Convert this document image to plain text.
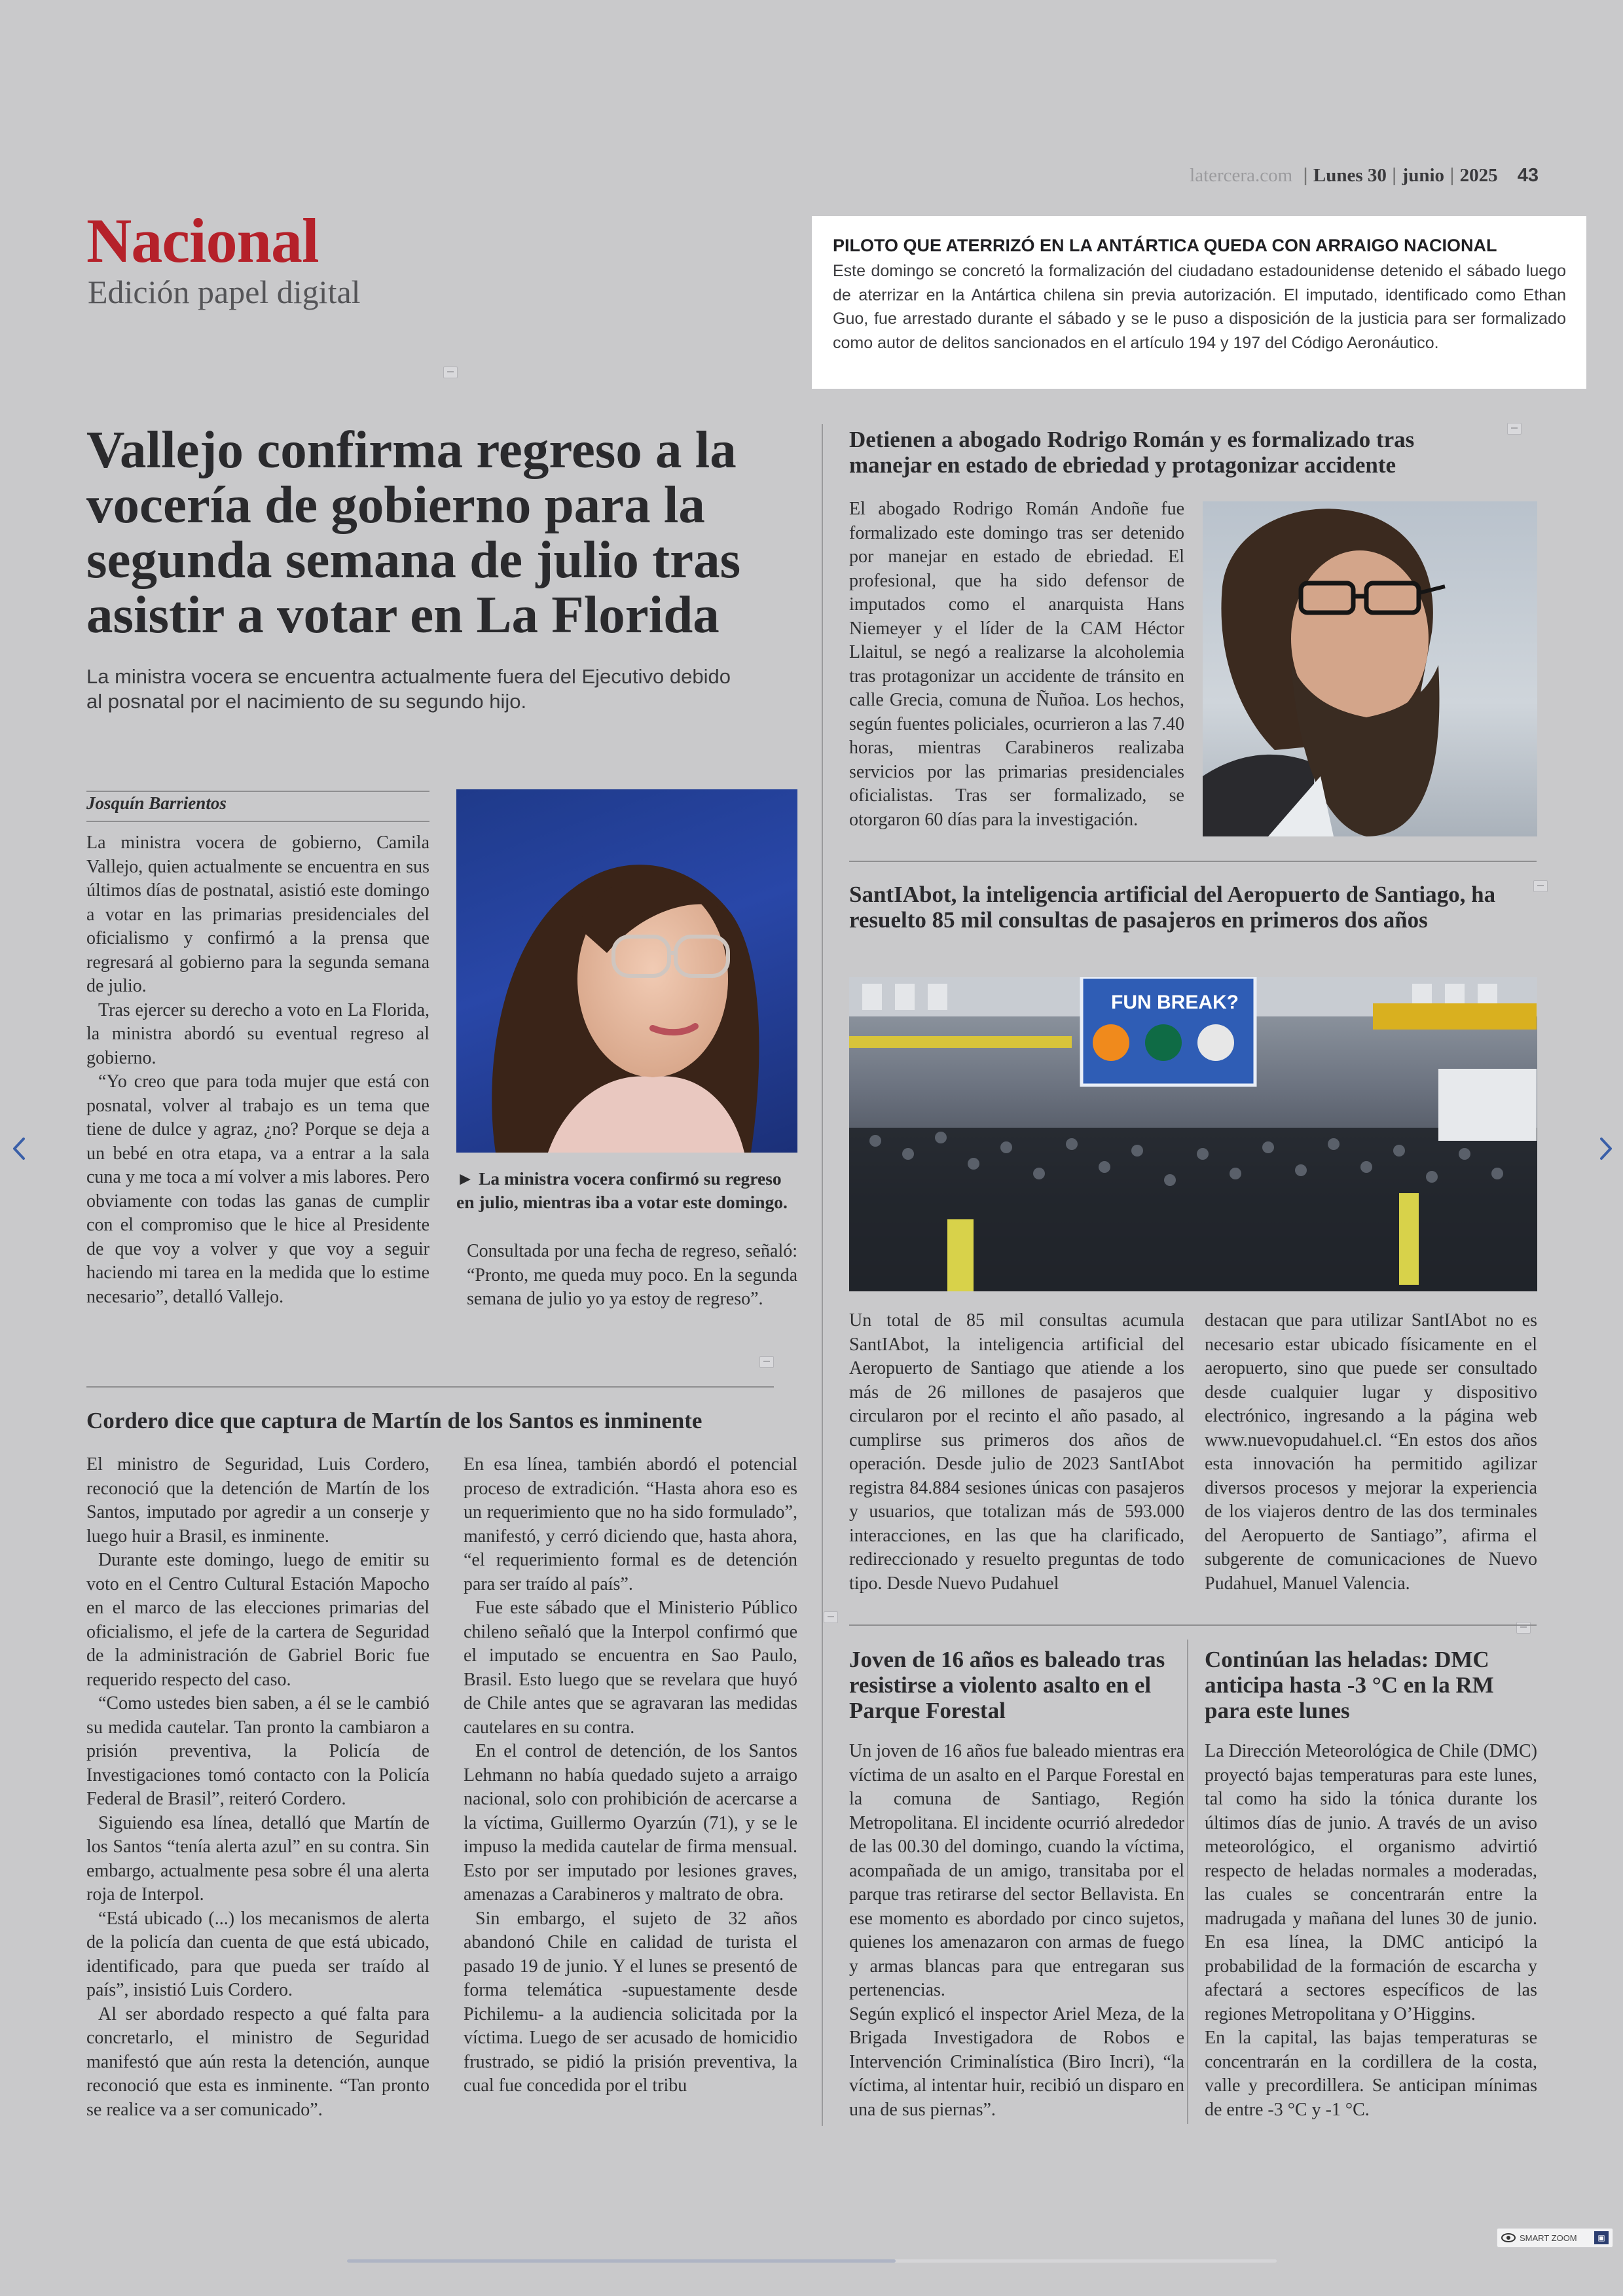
latercera.com  | Lunes 30 | junio | 2025 43
Nacional
Edición papel digital
PILOTO QUE ATERRIZÓ EN LA ANTÁRTICA QUEDA CON ARRAIGO NACIONAL
Este domingo se concretó la formalización del ciudadano estadounidense detenido el sábado luego de aterrizar en la Antártica chilena sin previa autorización. El imputado, identificado como Ethan Guo, fue arrestado durante el sábado y se le puso a disposición de la justicia para ser formalizado como autor de delitos sancionados en el artículo 194 y 197 del Código Aeronáutico.
Vallejo confirma regreso a la vocería de gobierno para la segunda semana de julio tras asistir a votar en La Florida
La ministra vocera se encuentra actualmente fuera del Ejecutivo debido al posnatal por el nacimiento de su segundo hijo.
Josquín Barrientos

La ministra vocera de gobierno, Camila Vallejo, quien actualmente se encuentra en sus últimos días de postnatal, asistió este domingo a votar en las primarias presidenciales del oficialismo y confirmó a la prensa que regresará al gobierno para la segunda semana de julio.

Tras ejercer su derecho a voto en La Florida, la ministra abordó su eventual regreso al gobierno.

“Yo creo que para toda mujer que está con posnatal, volver al trabajo es un tema que tiene de dulce y agraz, ¿no? Porque se deja a un bebé en otra etapa, va a entrar a la sala cuna y me toca a mí volver a mis labores. Pero obviamente con todas las ganas de cumplir con el compromiso que le hice al Presidente de que voy a volver y que voy a seguir haciendo mi tarea en la medida que lo estime necesario”, detalló Vallejo.

► La ministra vocera confirmó su regreso en julio, mientras iba a votar este domingo.

Consultada por una fecha de regreso, señaló: “Pronto, me queda muy poco. En la segunda semana de julio yo ya estoy de regreso”.

Cordero dice que captura de Martín de los Santos es inminente

El ministro de Seguridad, Luis Cordero, reconoció que la detención de Martín de los Santos, imputado por agredir a un conserje y luego huir a Brasil, es inminente.

Durante este domingo, luego de emitir su voto en el Centro Cultural Estación Mapocho en el marco de las elecciones primarias del oficialismo, el jefe de la cartera de Seguridad de la administración de Gabriel Boric fue requerido respecto del caso.

“Como ustedes bien saben, a él se le cambió su medida cautelar. Tan pronto la cambiaron a prisión preventiva, la Policía de Investigaciones tomó contacto con la Policía Federal de Brasil”, reiteró Cordero.

Siguiendo esa línea, detalló que Martín de los Santos “tenía alerta azul” en su contra. Sin embargo, actualmente pesa sobre él una alerta roja de Interpol.

“Está ubicado (...) los mecanismos de alerta de la policía dan cuenta de que está ubicado, identificado, para que pueda ser traído al país”, insistió Luis Cordero.

Al ser abordado respecto a qué falta para concretarlo, el ministro de Seguridad manifestó que aún resta la detención, aunque reconoció que esta es inminente. “Tan pronto se realice va a ser comunicado”.

En esa línea, también abordó el potencial proceso de extradición. “Hasta ahora eso es un requerimiento que no ha sido formulado”, manifestó, y cerró diciendo que, hasta ahora, “el requerimiento formal es de detención para ser traído al país”.

Fue este sábado que el Ministerio Público chileno señaló que la Interpol confirmó que el imputado se encuentra en Sao Paulo, Brasil. Esto luego que se revelara que huyó de Chile antes que se agravaran las medidas cautelares en su contra.

En el control de detención, de los Santos Lehmann no había quedado sujeto a arraigo nacional, solo con prohibición de acercarse a la víctima, Guillermo Oyarzún (71), y se le impuso la medida cautelar de firma mensual. Esto por ser imputado por lesiones graves, amenazas a Carabineros y maltrato de obra.

Sin embargo, el sujeto de 32 años abandonó Chile en calidad de turista el pasado 19 de junio. Y el lunes se presentó de forma telemática -supuestamente desde Pichilemu- a la audiencia solicitada por la víctima. Luego de ser acusado de homicidio frustrado, se pidió la prisión preventiva, la cual fue concedida por el tribu

Detienen a abogado Rodrigo Román y es formalizado tras manejar en estado de ebriedad y protagonizar accidente
El abogado Rodrigo Román Andoñe fue formalizado este domingo tras ser detenido por manejar en estado de ebriedad. El profesional, que ha sido defensor de imputados como el anarquista Hans Niemeyer y el líder de la CAM Héctor Llaitul, se negó a realizarse la alcoholemia tras protagonizar un accidente de tránsito en calle Grecia, comuna de Ñuñoa. Los hechos, según fuentes policiales, ocurrieron a las 7.40 horas, mientras Carabineros realizaba servicios por las primarias presidenciales oficialistas. Tras ser formalizado, se otorgaron 60 días para la investigación.
SantIAbot, la inteligencia artificial del Aeropuerto de Santiago, ha resuelto 85 mil consultas de pasajeros en primeros dos años
FUN BREAK?
Un total de 85 mil consultas acumula SantIAbot, la inteligencia artificial del Aeropuerto de Santiago que atiende a los más de 26 millones de pasajeros que circularon por el recinto el año pasado, al cumplirse sus primeros dos años de operación. Desde julio de 2023 SantIAbot registra 84.884 sesiones únicas con pasajeros y usuarios, que totalizan más de 593.000 interacciones, en las que ha clarificado, redireccionado y resuelto preguntas de todo tipo. Desde Nuevo Pudahuel
destacan que para utilizar SantIAbot no es necesario estar ubicado físicamente en el aeropuerto, sino que puede ser consultado desde cualquier lugar y dispositivo electrónico, ingresando a la página web www.nuevopudahuel.cl. “En estos dos años esta innovación ha permitido agilizar diversos procesos y mejorar la experiencia de los viajeros dentro de las dos terminales del Aeropuerto de Santiago”, afirma el subgerente de comunicaciones de Nuevo Pudahuel, Manuel Valencia.
Joven de 16 años es baleado tras resistirse a violento asalto en el Parque Forestal

Un joven de 16 años fue baleado mientras era víctima de un asalto en el Parque Forestal en la comuna de Santiago, Región Metropolitana. El incidente ocurrió alrededor de las 00.30 del domingo, cuando la víctima, acompañada de un amigo, transitaba por el parque tras retirarse del sector Bellavista. En ese momento es abordado por cinco sujetos, quienes los amenazaron con armas de fuego y armas blancas para que entregaran sus pertenencias.

Según explicó el inspector Ariel Meza, de la Brigada Investigadora de Robos e Intervención Criminalística (Biro Incri), “la víctima, al intentar huir, recibió un disparo en una de sus piernas”.

Continúan las heladas: DMC anticipa hasta -3 °C en la RM para este lunes

La Dirección Meteorológica de Chile (DMC) proyectó bajas temperaturas para este lunes, tal como ha sido la tónica durante los últimos días de junio. A través de un aviso meteorológico, el organismo advirtió respecto de heladas normales a moderadas, las cuales se concentrarán entre la madrugada y mañana del lunes 30 de junio. En esa línea, la DMC anticipó la probabilidad de la formación de escarcha y afectará a sectores específicos de las regiones Metropolitana y O’Higgins.

En la capital, las bajas temperaturas se concentrarán en la cordillera de la costa, valle y precordillera. Se anticipan mínimas de entre -3 °C y -1 °C.

SMART ZOOM	▣
